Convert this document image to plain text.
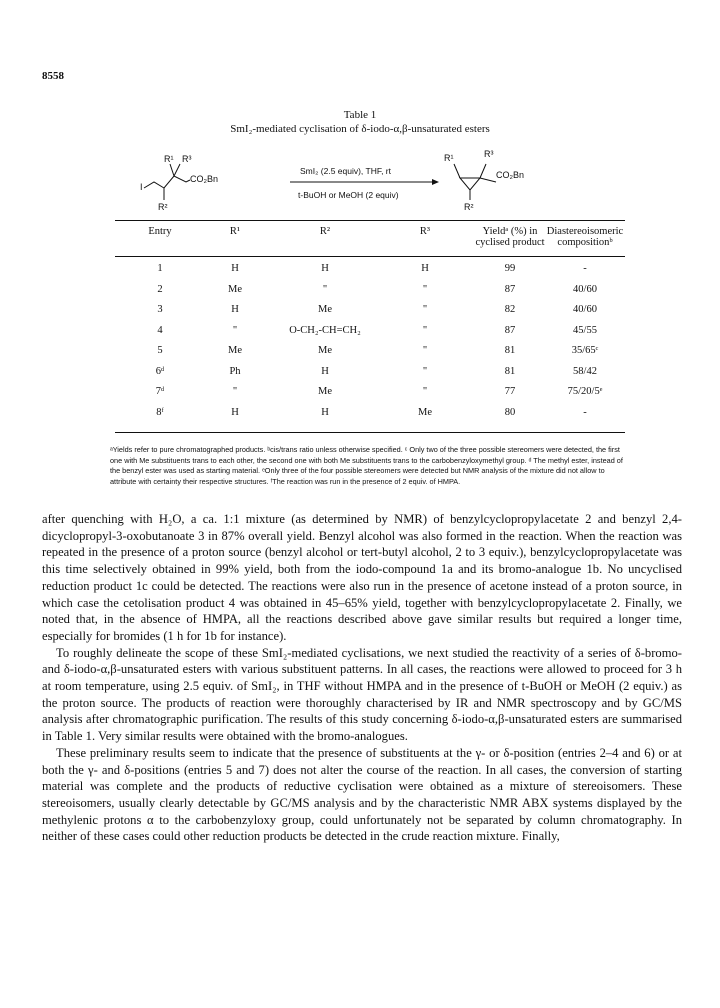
8558
Table 1
SmI₂-mediated cyclisation of δ-iodo-α,β-unsaturated esters
R¹ R³
CO₂Bn
I
R²
SmI₂ (2.5 equiv), THF, rt
t-BuOH or MeOH (2 equiv)
R¹	R³
CO₂Bn
R²
Entry	R¹	R²	R³	Yieldᵃ (%) in
cyclised product
Diastereoisomeric
compositionᵇ
1	H	H	H	99	-
2	Me	"	"	87	40/60
3	H	Me	"	82	40/60
4	"	O-CH₂-CH=CH₂	"	87	45/55
5	Me	Me	"	81	35/65ᶜ
6ᵈ	Ph	H	"	81	58/42
7ᵈ	"	Me	"	77	75/20/5ᵉ
8ᶠ	H	H	Me	80	-
ᵃYields refer to pure chromatographed products. ᵇcis/trans ratio unless otherwise specified. ᶜ Only two of the three possible stereomers were detected, the first one with Me substituents trans to each other, the second one with both Me substituents trans to the carbobenzyloxymethyl group. ᵈ The methyl ester, instead of the benzyl ester was used as starting material. ᵉOnly three of the four possible stereomers were detected but NMR analysis of the mixture did not allow to attribute with certainty their respective structures. ᶠThe reaction was run in the presence of 2 equiv. of HMPA.

after quenching with H₂O, a ca. 1:1 mixture (as determined by NMR) of benzylcyclopropylacetate 2 and benzyl 2,4-dicyclopropyl-3-oxobutanoate 3 in 87% overall yield. Benzyl alcohol was also formed in the reaction. When the reaction was repeated in the presence of a proton source (benzyl alcohol or tert-butyl alcohol, 2 to 3 equiv.), benzylcyclopropylacetate was this time selectively obtained in 99% yield, both from the iodo-compound 1a and its bromo-analogue 1b. No uncyclised reduction product 1c could be detected. The reactions were also run in the presence of acetone instead of a proton source, in which case the cetolisation product 4 was obtained in 45–65% yield, together with benzylcyclopropylacetate 2. Finally, we noted that, in the absence of HMPA, all the reactions described above gave similar results but required a longer time, especially for bromides (1 h for 1b for instance).

To roughly delineate the scope of these SmI₂-mediated cyclisations, we next studied the reactivity of a series of δ-bromo- and δ-iodo-α,β-unsaturated esters with various substituent patterns. In all cases, the reactions were allowed to proceed for 3 h at room temperature, using 2.5 equiv. of SmI₂, in THF without HMPA and in the presence of t-BuOH or MeOH (2 equiv.) as the proton source. The products of reaction were thoroughly characterised by IR and NMR spectroscopy and by GC/MS analysis after chromatographic purification. The results of this study concerning δ-iodo-α,β-unsaturated esters are summarised in Table 1. Very similar results were obtained with the bromo-analogues.

These preliminary results seem to indicate that the presence of substituents at the γ- or δ-position (entries 2–4 and 6) or at both the γ- and δ-positions (entries 5 and 7) does not alter the course of the reaction. In all cases, the conversion of starting material was complete and the products of reductive cyclisation were obtained as a mixture of stereoisomers. These stereoisomers, usually clearly detectable by GC/MS analysis and by the characteristic NMR ABX systems displayed by the methylenic protons α to the carbobenzyloxy group, could unfortunately not be separated by column chromatography. In neither of these cases could other reduction products be detected in the crude reaction mixture. Finally,
